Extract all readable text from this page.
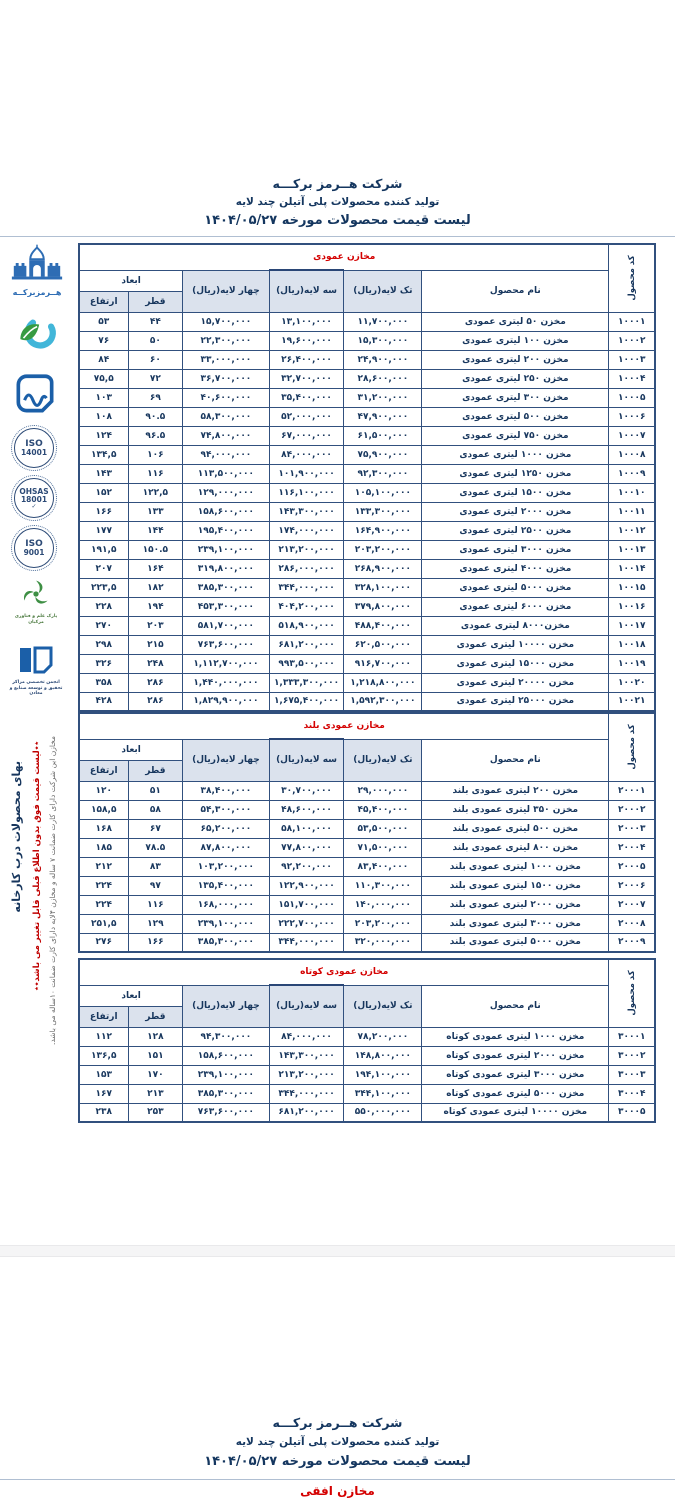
شرکت هــرمز برکـــه
تولید کننده محصولات پلی آتیلن چند لایه
لیست قیمت محصولات مورخه ۱۴۰۴/۰۵/۲۷
هــرمزبرکــه
ISO
14001
OHSAS
18001
✓
ISO
9001
پارک علم و فناوری مرکبان
انجمن تخصصی مراکز
تحقیق و توسعه صنایع و معادن
مخازن این شرکت دارای کارت ضمانت ۷ ساله و مخازن ۴لایه دارای کارت ضمانت ۱۰ساله می باشد.
٭٭لیست قیمت فوق بدون اطلاع قبلی قابل تغییر می باشد٭٭
بهای محصولات درب کارخانه
کد محصول	مخازن عمودی					
	نام محصول	تک لایه(ریال)	سه لایه(ریال)	چهار لایه(ریال)	ابعاد	
					قطر	ارتفاع
۱۰۰۰۱	مخزن ۵۰ لیتری عمودی	۱۱,۷۰۰,۰۰۰	۱۳,۱۰۰,۰۰۰	۱۵,۷۰۰,۰۰۰	۴۴	۵۳
۱۰۰۰۲	مخزن ۱۰۰ لیتری عمودی	۱۵,۳۰۰,۰۰۰	۱۹,۶۰۰,۰۰۰	۲۲,۳۰۰,۰۰۰	۵۰	۷۶
۱۰۰۰۳	مخزن ۲۰۰ لیتری عمودی	۲۴,۹۰۰,۰۰۰	۲۶,۴۰۰,۰۰۰	۳۳,۰۰۰,۰۰۰	۶۰	۸۴
۱۰۰۰۴	مخزن ۲۵۰ لیتری عمودی	۲۸,۶۰۰,۰۰۰	۳۲,۷۰۰,۰۰۰	۳۶,۷۰۰,۰۰۰	۷۲	۷۵,۵
۱۰۰۰۵	مخزن ۳۰۰ لیتری عمودی	۳۱,۲۰۰,۰۰۰	۳۵,۴۰۰,۰۰۰	۴۰,۶۰۰,۰۰۰	۶۹	۱۰۳
۱۰۰۰۶	مخزن ۵۰۰ لیتری عمودی	۴۷,۹۰۰,۰۰۰	۵۲,۰۰۰,۰۰۰	۵۸,۳۰۰,۰۰۰	۹۰.۵	۱۰۸
۱۰۰۰۷	مخزن ۷۵۰ لیتری عمودی	۶۱,۵۰۰,۰۰۰	۶۷,۰۰۰,۰۰۰	۷۴,۸۰۰,۰۰۰	۹۶.۵	۱۲۴
۱۰۰۰۸	مخزن ۱۰۰۰ لیتری عمودی	۷۵,۹۰۰,۰۰۰	۸۴,۰۰۰,۰۰۰	۹۴,۰۰۰,۰۰۰	۱۰۶	۱۳۴,۵
۱۰۰۰۹	مخزن ۱۲۵۰ لیتری عمودی	۹۲,۳۰۰,۰۰۰	۱۰۱,۹۰۰,۰۰۰	۱۱۳,۵۰۰,۰۰۰	۱۱۶	۱۴۳
۱۰۰۱۰	مخزن ۱۵۰۰ لیتری عمودی	۱۰۵,۱۰۰,۰۰۰	۱۱۶,۱۰۰,۰۰۰	۱۲۹,۰۰۰,۰۰۰	۱۲۲,۵	۱۵۲
۱۰۰۱۱	مخزن ۲۰۰۰ لیتری عمودی	۱۳۳,۳۰۰,۰۰۰	۱۴۳,۳۰۰,۰۰۰	۱۵۸,۶۰۰,۰۰۰	۱۳۳	۱۶۶
۱۰۰۱۲	مخزن ۲۵۰۰ لیتری عمودی	۱۶۴,۹۰۰,۰۰۰	۱۷۴,۰۰۰,۰۰۰	۱۹۵,۴۰۰,۰۰۰	۱۴۴	۱۷۷
۱۰۰۱۳	مخزن ۳۰۰۰ لیتری عمودی	۲۰۳,۲۰۰,۰۰۰	۲۱۳,۲۰۰,۰۰۰	۲۳۹,۱۰۰,۰۰۰	۱۵۰.۵	۱۹۱,۵
۱۰۰۱۴	مخزن ۴۰۰۰ لیتری عمودی	۲۶۸,۹۰۰,۰۰۰	۲۸۶,۰۰۰,۰۰۰	۳۱۹,۸۰۰,۰۰۰	۱۶۴	۲۰۷
۱۰۰۱۵	مخزن ۵۰۰۰ لیتری عمودی	۳۲۸,۱۰۰,۰۰۰	۳۴۴,۰۰۰,۰۰۰	۳۸۵,۳۰۰,۰۰۰	۱۸۲	۲۲۳,۵
۱۰۰۱۶	مخزن ۶۰۰۰ لیتری عمودی	۳۷۹,۸۰۰,۰۰۰	۴۰۴,۲۰۰,۰۰۰	۴۵۳,۳۰۰,۰۰۰	۱۹۴	۲۲۸
۱۰۰۱۷	مخزن۸۰۰۰ لیتری عمودی	۴۸۸,۴۰۰,۰۰۰	۵۱۸,۹۰۰,۰۰۰	۵۸۱,۷۰۰,۰۰۰	۲۰۳	۲۷۰
۱۰۰۱۸	مخزن ۱۰۰۰۰ لیتری عمودی	۶۲۰,۵۰۰,۰۰۰	۶۸۱,۲۰۰,۰۰۰	۷۶۳,۶۰۰,۰۰۰	۲۱۵	۲۹۸
۱۰۰۱۹	مخزن ۱۵۰۰۰ لیتری عمودی	۹۱۶,۷۰۰,۰۰۰	۹۹۳,۵۰۰,۰۰۰	۱,۱۱۲,۷۰۰,۰۰۰	۲۴۸	۳۲۶
۱۰۰۲۰	مخزن ۲۰۰۰۰ لیتری عمودی	۱,۲۱۸,۸۰۰,۰۰۰	۱,۳۳۳,۳۰۰,۰۰۰	۱,۴۴۰,۰۰۰,۰۰۰	۲۸۶	۳۵۸
۱۰۰۲۱	مخزن ۲۵۰۰۰ لیتری عمودی	۱,۵۹۲,۳۰۰,۰۰۰	۱,۶۷۵,۴۰۰,۰۰۰	۱,۸۲۹,۹۰۰,۰۰۰	۲۸۶	۴۲۸
کد محصول	مخازن عمودی بلند					
	نام محصول	تک لایه(ریال)	سه لایه(ریال)	چهار لایه(ریال)	ابعاد	
					قطر	ارتفاع
۲۰۰۰۱	مخزن ۲۰۰ لیتری عمودی بلند	۲۹,۰۰۰,۰۰۰	۳۰,۷۰۰,۰۰۰	۳۸,۴۰۰,۰۰۰	۵۱	۱۲۰
۲۰۰۰۲	مخزن ۳۵۰ لیتری عمودی بلند	۴۵,۴۰۰,۰۰۰	۴۸,۶۰۰,۰۰۰	۵۴,۳۰۰,۰۰۰	۵۸	۱۵۸,۵
۲۰۰۰۳	مخزن ۵۰۰ لیتری عمودی بلند	۵۳,۵۰۰,۰۰۰	۵۸,۱۰۰,۰۰۰	۶۵,۲۰۰,۰۰۰	۶۷	۱۶۸
۲۰۰۰۴	مخزن ۸۰۰ لیتری عمودی بلند	۷۱,۵۰۰,۰۰۰	۷۷,۸۰۰,۰۰۰	۸۷,۸۰۰,۰۰۰	۷۸.۵	۱۸۵
۲۰۰۰۵	مخزن ۱۰۰۰ لیتری عمودی بلند	۸۳,۴۰۰,۰۰۰	۹۲,۲۰۰,۰۰۰	۱۰۳,۲۰۰,۰۰۰	۸۳	۲۱۲
۲۰۰۰۶	مخزن ۱۵۰۰ لیتری عمودی بلند	۱۱۰,۳۰۰,۰۰۰	۱۲۲,۹۰۰,۰۰۰	۱۳۵,۴۰۰,۰۰۰	۹۷	۲۲۴
۲۰۰۰۷	مخزن ۲۰۰۰ لیتری عمودی بلند	۱۴۰,۰۰۰,۰۰۰	۱۵۱,۷۰۰,۰۰۰	۱۶۸,۰۰۰,۰۰۰	۱۱۶	۲۲۴
۲۰۰۰۸	مخزن ۳۰۰۰ لیتری عمودی بلند	۲۰۳,۲۰۰,۰۰۰	۲۲۲,۷۰۰,۰۰۰	۲۳۹,۱۰۰,۰۰۰	۱۲۹	۲۵۱,۵
۲۰۰۰۹	مخزن ۵۰۰۰ لیتری عمودی بلند	۳۲۰,۰۰۰,۰۰۰	۳۴۴,۰۰۰,۰۰۰	۳۸۵,۳۰۰,۰۰۰	۱۶۶	۲۷۶
کد محصول	مخازن عمودی کوتاه					
	نام محصول	تک لایه(ریال)	سه لایه(ریال)	چهار لایه(ریال)	ابعاد	
					قطر	ارتفاع
۳۰۰۰۱	مخزن ۱۰۰۰ لیتری عمودی کوتاه	۷۸,۲۰۰,۰۰۰	۸۴,۰۰۰,۰۰۰	۹۴,۳۰۰,۰۰۰	۱۲۸	۱۱۲
۳۰۰۰۲	مخزن ۲۰۰۰ لیتری عمودی کوتاه	۱۴۸,۸۰۰,۰۰۰	۱۴۳,۳۰۰,۰۰۰	۱۵۸,۶۰۰,۰۰۰	۱۵۱	۱۳۶,۵
۳۰۰۰۳	مخزن ۳۰۰۰ لیتری عمودی کوتاه	۱۹۴,۱۰۰,۰۰۰	۲۱۳,۲۰۰,۰۰۰	۲۳۹,۱۰۰,۰۰۰	۱۷۰	۱۵۳
۳۰۰۰۴	مخزن ۵۰۰۰ لیتری عمودی کوتاه	۳۴۴,۱۰۰,۰۰۰	۳۴۴,۰۰۰,۰۰۰	۳۸۵,۳۰۰,۰۰۰	۲۱۳	۱۶۷
۳۰۰۰۵	مخزن ۱۰۰۰۰ لیتری عمودی کوتاه	۵۵۰,۰۰۰,۰۰۰	۶۸۱,۲۰۰,۰۰۰	۷۶۳,۶۰۰,۰۰۰	۲۵۳	۲۳۸
شرکت هــرمز برکـــه
تولید کننده محصولات پلی آتیلن چند لایه
لیست قیمت محصولات مورخه ۱۴۰۴/۰۵/۲۷
مخازن افقی
